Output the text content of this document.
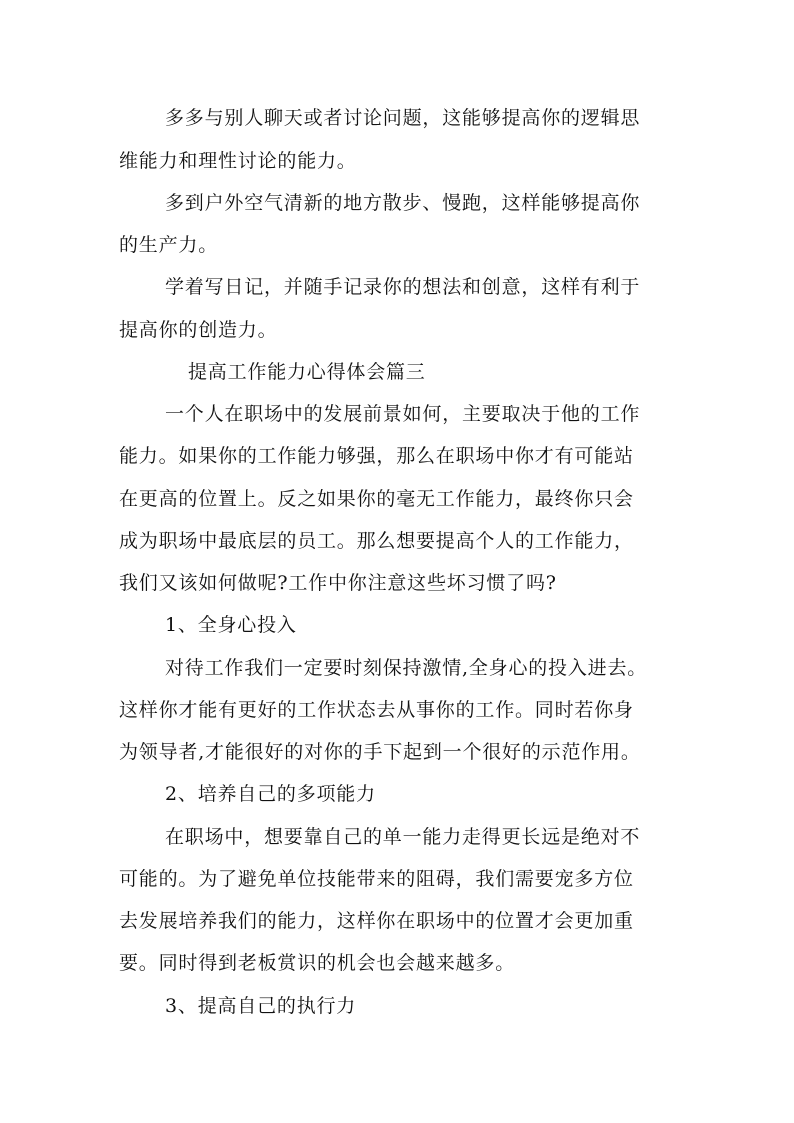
多多与别人聊天或者讨论问题，这能够提高你的逻辑思
维能力和理性讨论的能力。
多到户外空气清新的地方散步、慢跑，这样能够提高你
的生产力。
学着写日记，并随手记录你的想法和创意，这样有利于
提高你的创造力。
提高工作能力心得体会篇三
一个人在职场中的发展前景如何，主要取决于他的工作
能力。如果你的工作能力够强，那么在职场中你才有可能站
在更高的位置上。反之如果你的毫无工作能力，最终你只会
成为职场中最底层的员工。那么想要提高个人的工作能力，
我们又该如何做呢?工作中你注意这些坏习惯了吗?
1、全身心投入
对待工作我们一定要时刻保持激情,全身心的投入进去。
这样你才能有更好的工作状态去从事你的工作。同时若你身
为领导者,才能很好的对你的手下起到一个很好的示范作用。
2、培养自己的多项能力
在职场中，想要靠自己的单一能力走得更长远是绝对不
可能的。为了避免单位技能带来的阻碍，我们需要宠多方位
去发展培养我们的能力，这样你在职场中的位置才会更加重
要。同时得到老板赏识的机会也会越来越多。
3、提高自己的执行力
